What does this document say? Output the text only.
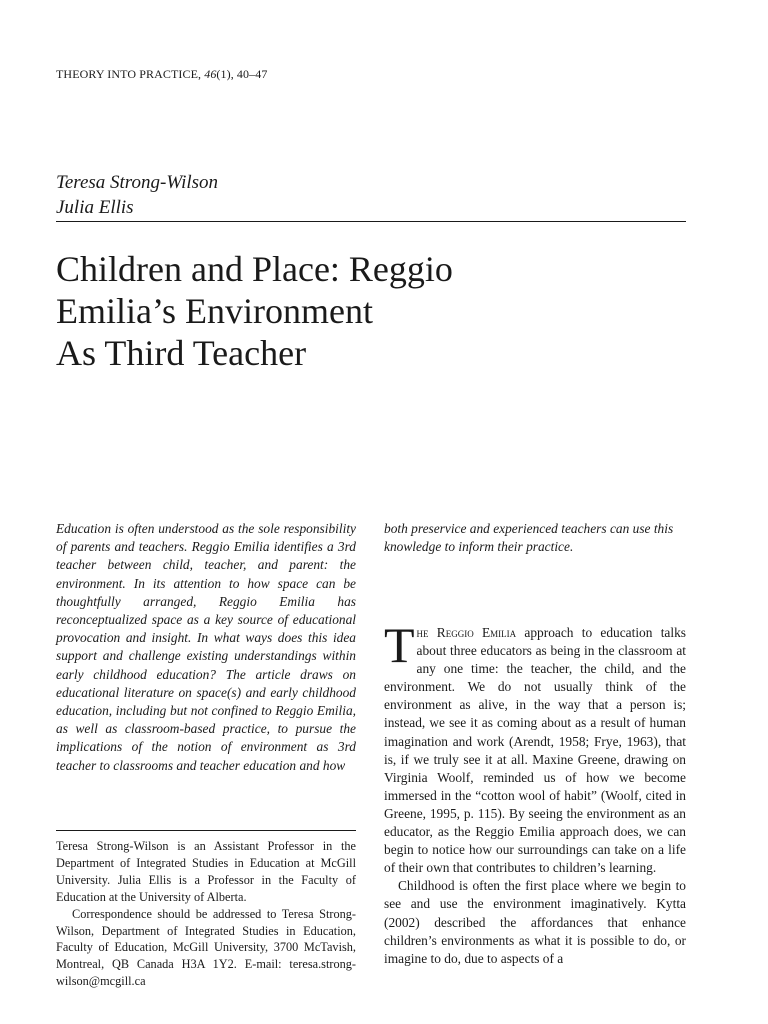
THEORY INTO PRACTICE, 46(1), 40–47
Teresa Strong-Wilson
Julia Ellis
Children and Place: Reggio
Emilia’s Environment
As Third Teacher
Education is often understood as the sole responsibility of parents and teachers. Reggio Emilia identifies a 3rd teacher between child, teacher, and parent: the environment. In its attention to how space can be thoughtfully arranged, Reggio Emilia has reconceptualized space as a key source of educational provocation and insight. In what ways does this idea support and challenge existing understandings within early childhood education? The article draws on educational literature on space(s) and early childhood education, including but not confined to Reggio Emilia, as well as classroom-based practice, to pursue the implications of the notion of environment as 3rd teacher to classrooms and teacher education and how
both preservice and experienced teachers can use this knowledge to inform their practice.

Teresa Strong-Wilson is an Assistant Professor in the Department of Integrated Studies in Education at McGill University. Julia Ellis is a Professor in the Faculty of Education at the University of Alberta.

Correspondence should be addressed to Teresa Strong-Wilson, Department of Integrated Studies in Education, Faculty of Education, McGill University, 3700 McTavish, Montreal, QB Canada H3A 1Y2. E-mail: teresa.strong-wilson@mcgill.ca

The Reggio Emilia approach to education talks about three educators as being in the classroom at any one time: the teacher, the child, and the environment. We do not usually think of the environment as alive, in the way that a person is; instead, we see it as coming about as a result of human imagination and work (Arendt, 1958; Frye, 1963), that is, if we truly see it at all. Maxine Greene, drawing on Virginia Woolf, reminded us of how we become immersed in the “cotton wool of habit” (Woolf, cited in Greene, 1995, p. 115). By seeing the environment as an educator, as the Reggio Emilia approach does, we can begin to notice how our surroundings can take on a life of their own that contributes to children’s learning.

Childhood is often the first place where we begin to see and use the environment imaginatively. Kytta (2002) described the affordances that enhance children’s environments as what it is possible to do, or imagine to do, due to aspects of a
